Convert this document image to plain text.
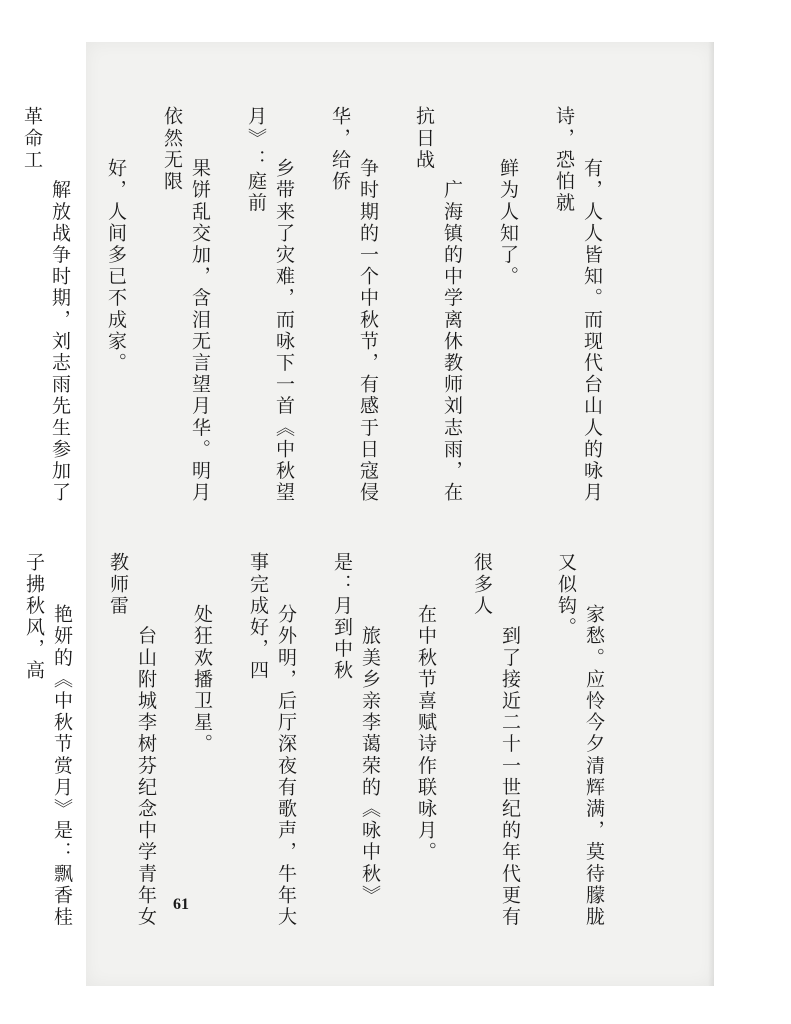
有，人人皆知。而现代台山人的咏月诗，恐怕就

鲜为人知了。

　广海镇的中学离休教师刘志雨，在抗日战

争时期的一个中秋节，有感于日寇侵华，给侨

乡带来了灾难，而咏下一首《中秋望月》：庭前

果饼乱交加，含泪无言望月华。明月依然无限

好，人间多已不成家。

　解放战争时期，刘志雨先生参加了革命工

家愁。应怜今夕清辉满，莫待朦胧又似钩。

　到了接近二十一世纪的年代更有很多人

在中秋节喜赋诗作联咏月。

　旅美乡亲李蔼荣的《咏中秋》是：月到中秋

分外明，后厅深夜有歌声，牛年大事完成好，四

处狂欢播卫星。

　台山附城李树芬纪念中学青年女教师雷

艳妍的《中秋节赏月》是：飘香桂子拂秋风，高

61
